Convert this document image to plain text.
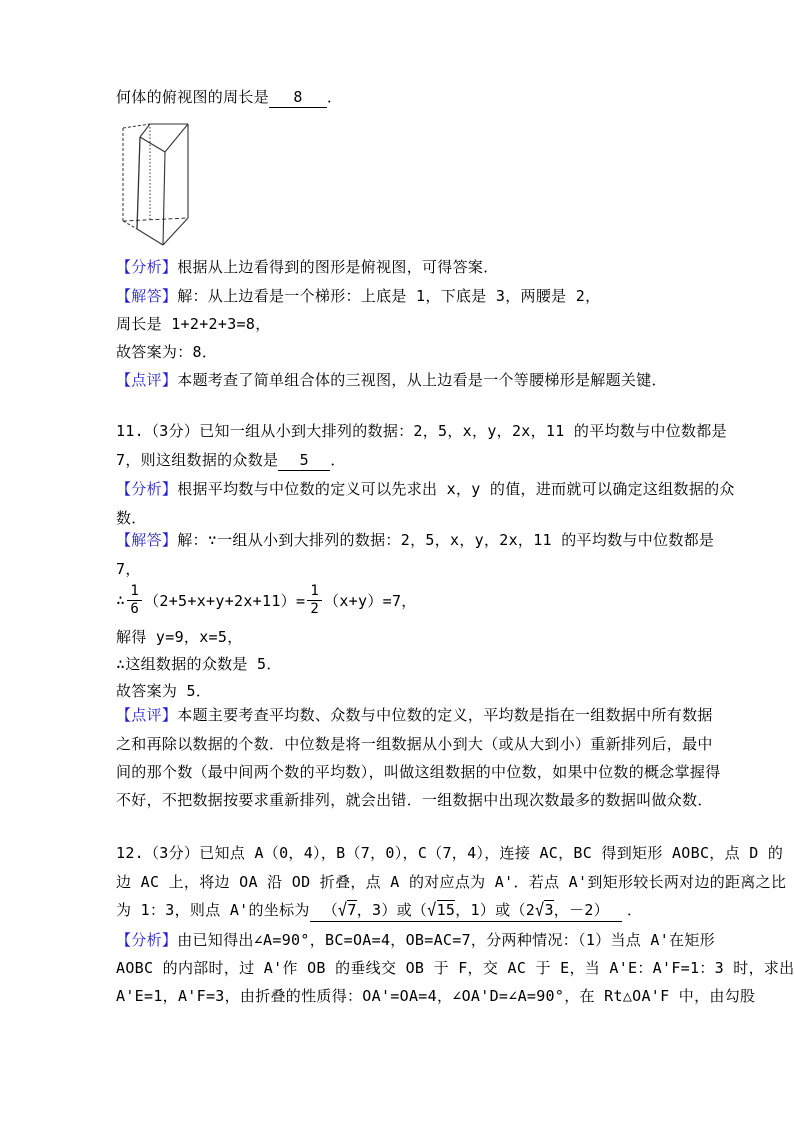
何体的俯视图的周长是 8 ．
【分析】根据从上边看得到的图形是俯视图，可得答案．
【解答】解：从上边看是一个梯形：上底是 1，下底是 3，两腰是 2，
周长是 1+2+2+3=8，
故答案为：8．
【点评】本题考查了简单组合体的三视图，从上边看是一个等腰梯形是解题关键．
11.（3分）已知一组从小到大排列的数据：2，5，x，y，2x，11 的平均数与中位数都是
7，则这组数据的众数是 5 ．
【分析】根据平均数与中位数的定义可以先求出 x，y 的值，进而就可以确定这组数据的众
数．
【解答】解：∵一组从小到大排列的数据：2，5，x，y，2x，11 的平均数与中位数都是
7，
∴ $\frac{1}{6} (2+5+x+y+2x+11)= \frac{1}{2} (x+y)=7$，
解得 y=9，x=5，
∴这组数据的众数是 5．
故答案为 5．
【点评】本题主要考查平均数、众数与中位数的定义，平均数是指在一组数据中所有数据
之和再除以数据的个数．中位数是将一组数据从小到大（或从大到小）重新排列后，最中
间的那个数（最中间两个数的平均数），叫做这组数据的中位数，如果中位数的概念掌握得
不好，不把数据按要求重新排列，就会出错．一组数据中出现次数最多的数据叫做众数．
12.（3分）已知点 A（0，4），B（7，0），C（7，4），连接 AC，BC 得到矩形 AOBC，点 D 的
边 AC 上，将边 OA 沿 OD 折叠，点 A 的对应点为 A'．若点 A'到矩形较长两对边的距离之比
为 1：3，则点 A'的坐标为 （√7，3）或（√15，1）或（2√3，－2） ．
【分析】由已知得出∠A=90°，BC=OA=4，OB=AC=7，分两种情况：（1）当点 A'在矩形
AOBC 的内部时，过 A'作 OB 的垂线交 OB 于 F，交 AC 于 E，当 A'E：A'F=1：3 时，求出
A'E=1，A'F=3，由折叠的性质得：OA'=OA=4，∠OA'D=∠A=90°，在 Rt△OA'F 中，由勾股
